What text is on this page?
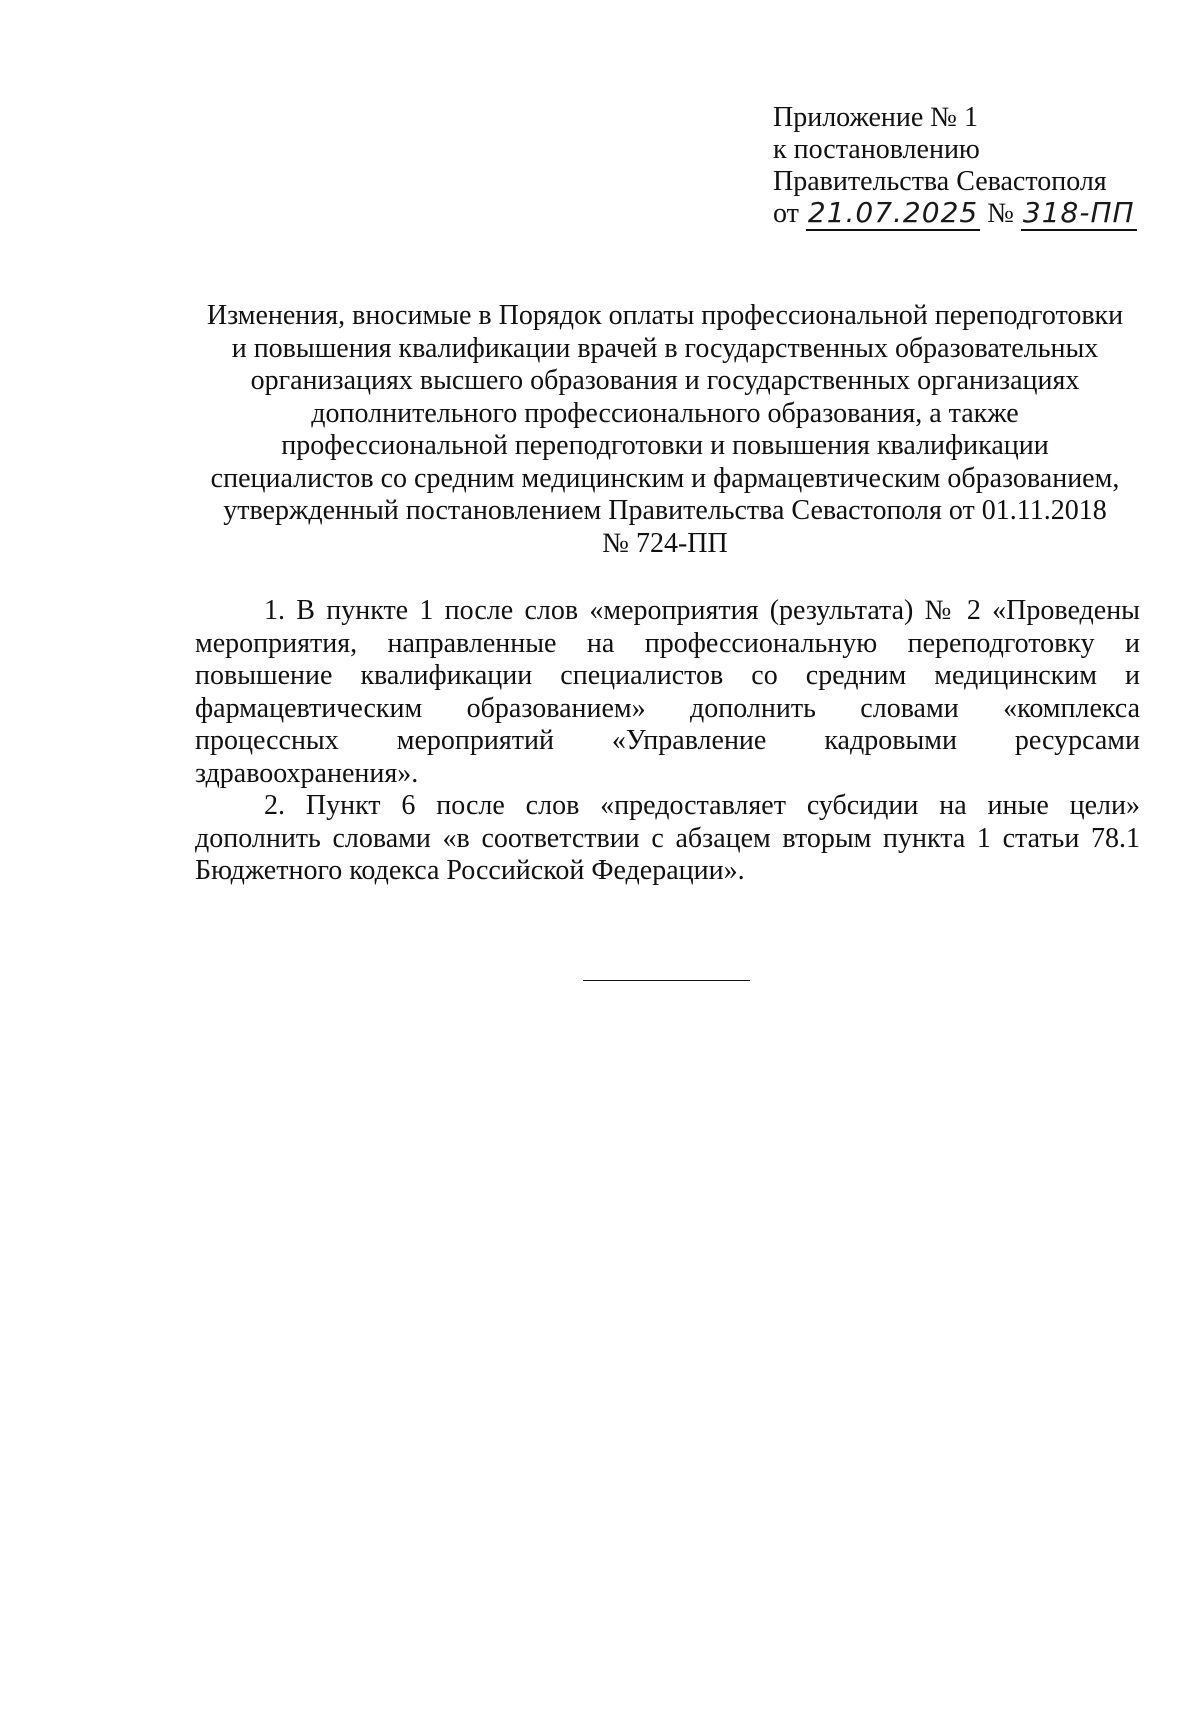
Приложение № 1
к постановлению
Правительства Севастополя
от 21.07.2025 № 318-ПП
Изменения, вносимые в Порядок оплаты профессиональной переподготовки
и повышения квалификации врачей в государственных образовательных
организациях высшего образования и государственных организациях
дополнительного профессионального образования, а также
профессиональной переподготовки и повышения квалификации
специалистов со средним медицинским и фармацевтическим образованием,
утвержденный постановлением Правительства Севастополя от 01.11.2018
№ 724-ПП

1. В пункте 1 после слов «мероприятия (результата) № 2 «Проведены мероприятия, направленные на профессиональную переподготовку и повышение квалификации специалистов со средним медицинским и фармацевтическим образованием» дополнить словами «комплекса процессных мероприятий «Управление кадровыми ресурсами здравоохранения».

2. Пункт 6 после слов «предоставляет субсидии на иные цели» дополнить словами «в соответствии с абзацем вторым пункта 1 статьи 78.1 Бюджетного кодекса Российской Федерации».
